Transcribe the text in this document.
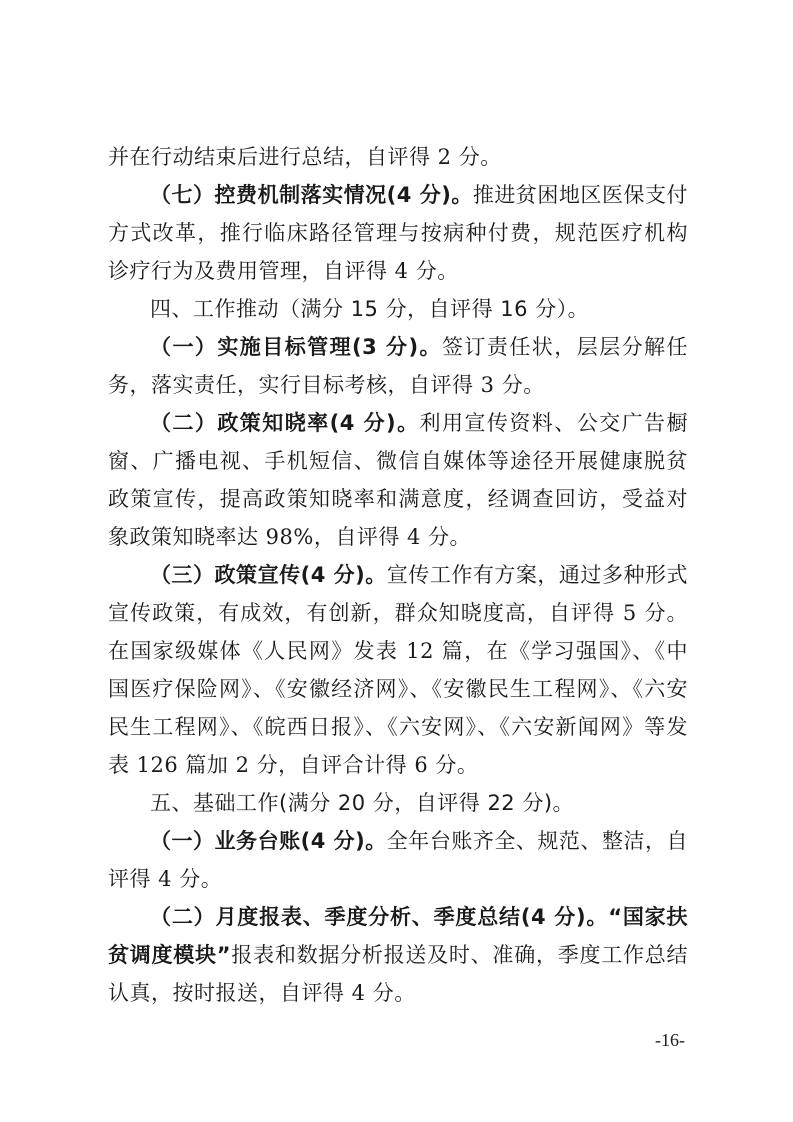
并在行动结束后进行总结，自评得 2 分。

（七）控费机制落实情况(4 分)。推进贫困地区医保支付方式改革，推行临床路径管理与按病种付费，规范医疗机构诊疗行为及费用管理，自评得 4 分。

四、工作推动（满分 15 分，自评得 16 分）。

（一）实施目标管理(3 分)。签订责任状，层层分解任务，落实责任，实行目标考核，自评得 3 分。

（二）政策知晓率(4 分)。利用宣传资料、公交广告橱窗、广播电视、手机短信、微信自媒体等途径开展健康脱贫政策宣传，提高政策知晓率和满意度，经调查回访，受益对象政策知晓率达 98%，自评得 4 分。

（三）政策宣传(4 分)。宣传工作有方案，通过多种形式宣传政策，有成效，有创新，群众知晓度高，自评得 5 分。在国家级媒体《人民网》发表 12 篇，在《学习强国》、《中国医疗保险网》、《安徽经济网》、《安徽民生工程网》、《六安民生工程网》、《皖西日报》、《六安网》、《六安新闻网》等发表 126 篇加 2 分，自评合计得 6 分。

五、基础工作(满分 20 分，自评得 22 分)。

（一）业务台账(4 分)。全年台账齐全、规范、整洁，自评得 4 分。

（二）月度报表、季度分析、季度总结(4 分)。“国家扶贫调度模块”报表和数据分析报送及时、准确，季度工作总结认真，按时报送，自评得 4 分。

-16-
